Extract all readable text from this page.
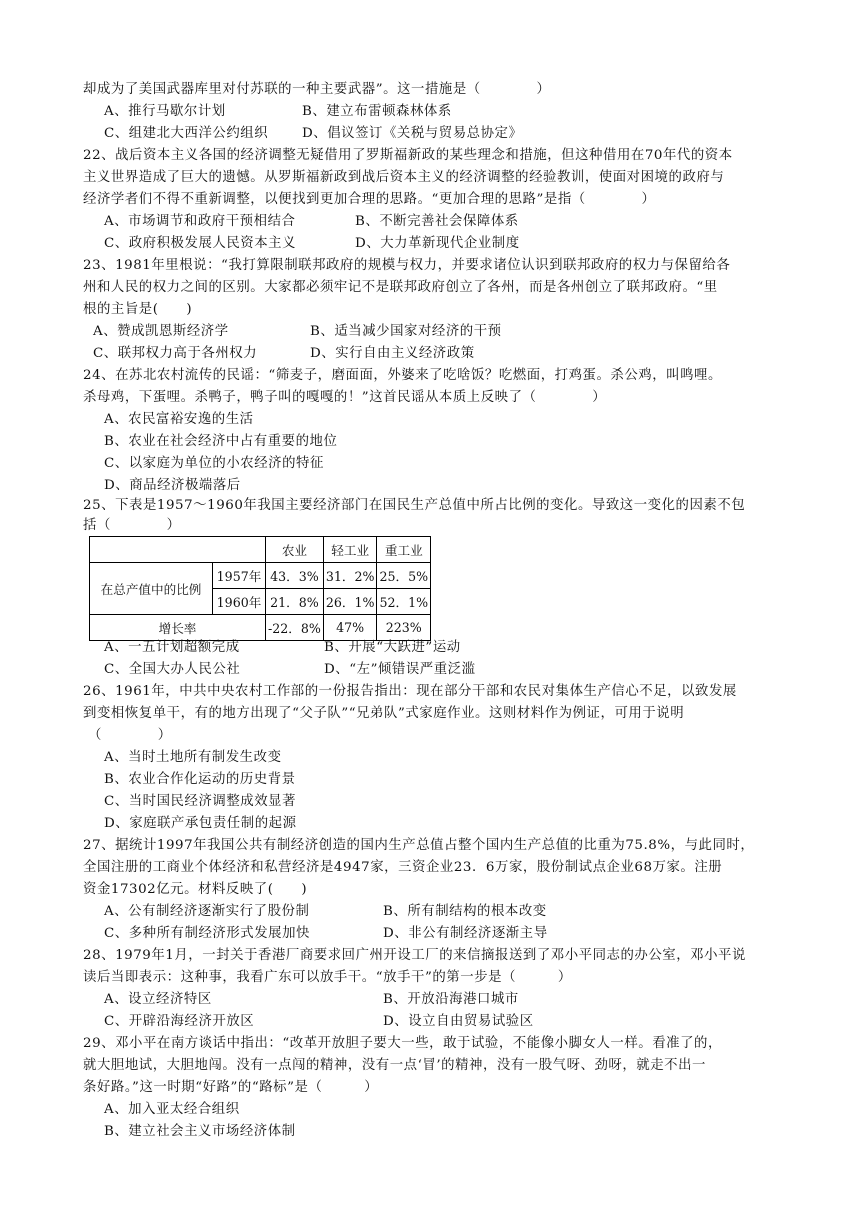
却成为了美国武器库里对付苏联的一种主要武器”。这一措施是（　　　　）
A、推行马歇尔计划	B、建立布雷顿森林体系
C、组建北大西洋公约组织	D、倡议签订《关税与贸易总协定》
22、战后资本主义各国的经济调整无疑借用了罗斯福新政的某些理念和措施，但这种借用在70年代的资本
主义世界造成了巨大的遗憾。从罗斯福新政到战后资本主义的经济调整的经验教训，使面对困境的政府与
经济学者们不得不重新调整，以便找到更加合理的思路。“更加合理的思路”是指（　　　　）
A、市场调节和政府干预相结合	B、不断完善社会保障体系
C、政府积极发展人民资本主义	D、大力革新现代企业制度
23、1981年里根说：“我打算限制联邦政府的规模与权力，并要求诸位认识到联邦政府的权力与保留给各
州和人民的权力之间的区别。大家都必须牢记不是联邦政府创立了各州，而是各州创立了联邦政府。“里
根的主旨是(　　)
A、赞成凯恩斯经济学	B、适当减少国家对经济的干预
C、联邦权力高于各州权力	D、实行自由主义经济政策
24、在苏北农村流传的民谣：“筛麦子，磨面面，外婆来了吃啥饭？吃燃面，打鸡蛋。杀公鸡，叫鸣哩。
杀母鸡，下蛋哩。杀鸭子，鸭子叫的嘎嘎的！”这首民谣从本质上反映了（　　　　）
A、农民富裕安逸的生活
B、农业在社会经济中占有重要的地位
C、以家庭为单位的小农经济的特征
D、商品经济极端落后
25、下表是1957～1960年我国主要经济部门在国民生产总值中所占比例的变化。导致这一变化的因素不包
括（　　　　）
		农业	轻工业	重工业
在总产值中的比例	1957年	43．3%	31．2%	25．5%
	1960年	21．8%	26．1%	52．1%
增长率		-22．8%	47%	223%
A、一五计划超额完成	B、开展“大跃进”运动
C、全国大办人民公社	D、“左”倾错误严重泛滥
26、1961年，中共中央农村工作部的一份报告指出：现在部分干部和农民对集体生产信心不足，以致发展
到变相恢复单干，有的地方出现了“父子队”“兄弟队”式家庭作业。这则材料作为例证，可用于说明
（　　　　）
A、当时土地所有制发生改变
B、农业合作化运动的历史背景
C、当时国民经济调整成效显著
D、家庭联产承包责任制的起源
27、据统计1997年我国公共有制经济创造的国内生产总值占整个国内生产总值的比重为75.8%，与此同时，
全国注册的工商业个体经济和私营经济是4947家，三资企业23．6万家，股份制试点企业68万家。注册
资金17302亿元。材料反映了(　　)
A、公有制经济逐渐实行了股份制	B、所有制结构的根本改变
C、多种所有制经济形式发展加快	D、非公有制经济逐渐主导
28、1979年1月，一封关于香港厂商要求回广州开设工厂的来信摘报送到了邓小平同志的办公室，邓小平说
读后当即表示：这种事，我看广东可以放手干。“放手干”的第一步是（　　　）
A、设立经济特区	B、开放沿海港口城市
C、开辟沿海经济开放区	D、设立自由贸易试验区
29、邓小平在南方谈话中指出：“改革开放胆子要大一些，敢于试验，不能像小脚女人一样。看准了的，
就大胆地试，大胆地闯。没有一点闯的精神，没有一点‘冒’的精神，没有一股气呀、劲呀，就走不出一
条好路。”这一时期“好路”的“路标”是（　　　）
A、加入亚太经合组织
B、建立社会主义市场经济体制
